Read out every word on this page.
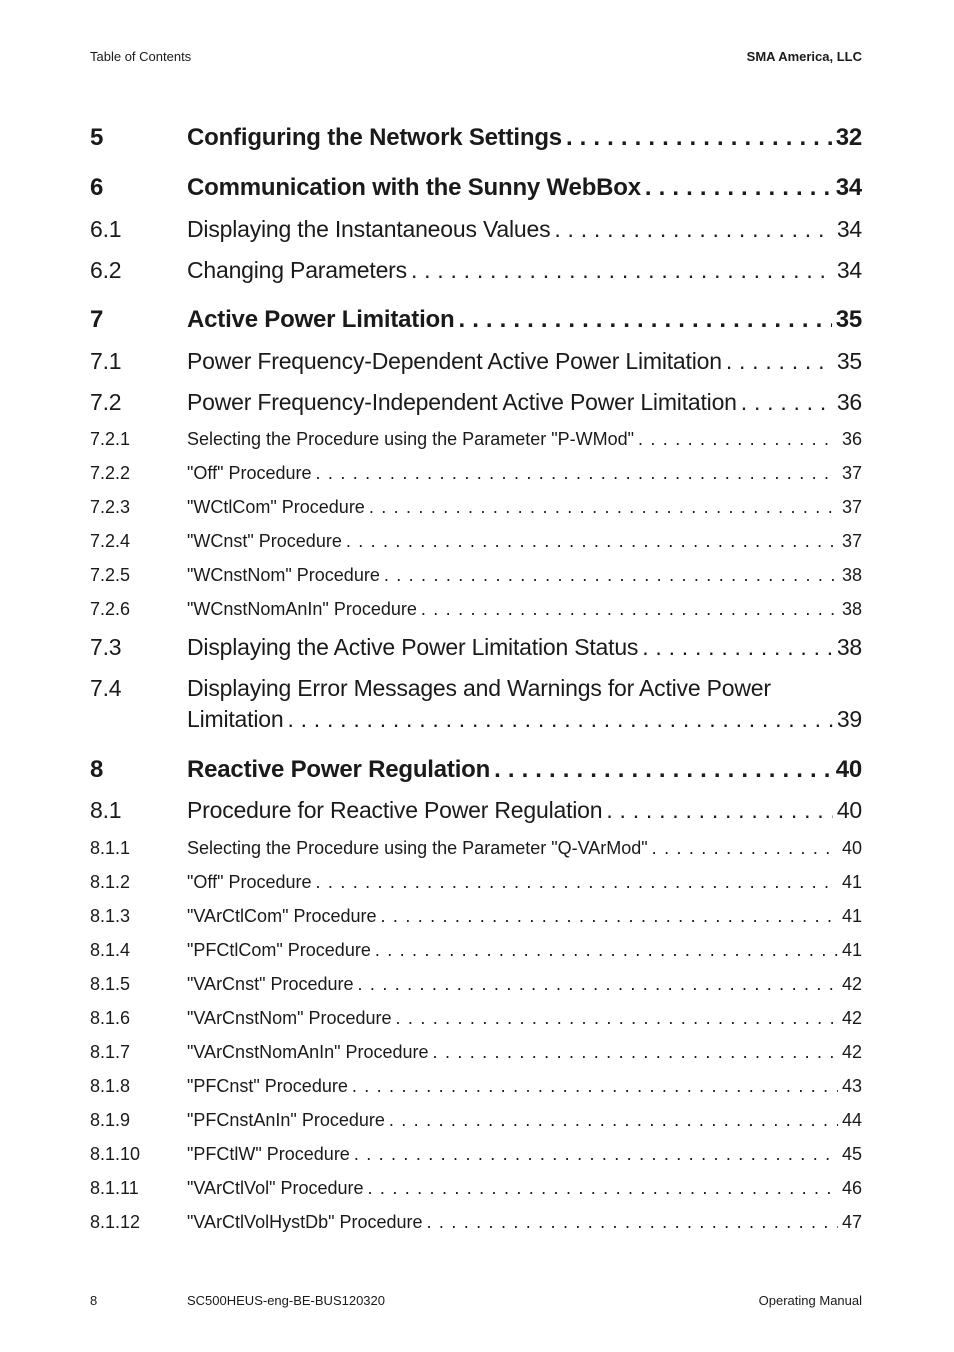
Table of Contents	SMA America, LLC
5	Configuring the Network Settings . . .	32
6	Communication with the Sunny WebBox . . .	34
6.1	Displaying the Instantaneous Values . . .	34
6.2	Changing Parameters . . .	34
7	Active Power Limitation . . .	35
7.1	Power Frequency-Dependent Active Power Limitation . . .	35
7.2	Power Frequency-Independent Active Power Limitation . . .	36
7.2.1	Selecting the Procedure using the Parameter "P-WMod" . . .	36
7.2.2	"Off" Procedure . . .	37
7.2.3	"WCtlCom" Procedure . . .	37
7.2.4	"WCnst" Procedure . . .	37
7.2.5	"WCnstNom" Procedure . . .	38
7.2.6	"WCnstNomAnIn" Procedure . . .	38
7.3	Displaying the Active Power Limitation Status . . .	38
7.4	Displaying Error Messages and Warnings for Active Power
Limitation . . .	39
8	Reactive Power Regulation . . .	40
8.1	Procedure for Reactive Power Regulation . . .	40
8.1.1	Selecting the Procedure using the Parameter "Q-VArMod" . . .	40
8.1.2	"Off" Procedure . . .	41
8.1.3	"VArCtlCom" Procedure . . .	41
8.1.4	"PFCtlCom" Procedure . . .	41
8.1.5	"VArCnst" Procedure . . .	42
8.1.6	"VArCnstNom" Procedure . . .	42
8.1.7	"VArCnstNomAnIn" Procedure . . .	42
8.1.8	"PFCnst" Procedure . . .	43
8.1.9	"PFCnstAnIn" Procedure . . .	44
8.1.10	"PFCtlW" Procedure . . .	45
8.1.11	"VArCtlVol" Procedure . . .	46
8.1.12	"VArCtlVolHystDb" Procedure . . .	47
8	SC500HEUS-eng-BE-BUS120320	Operating Manual
